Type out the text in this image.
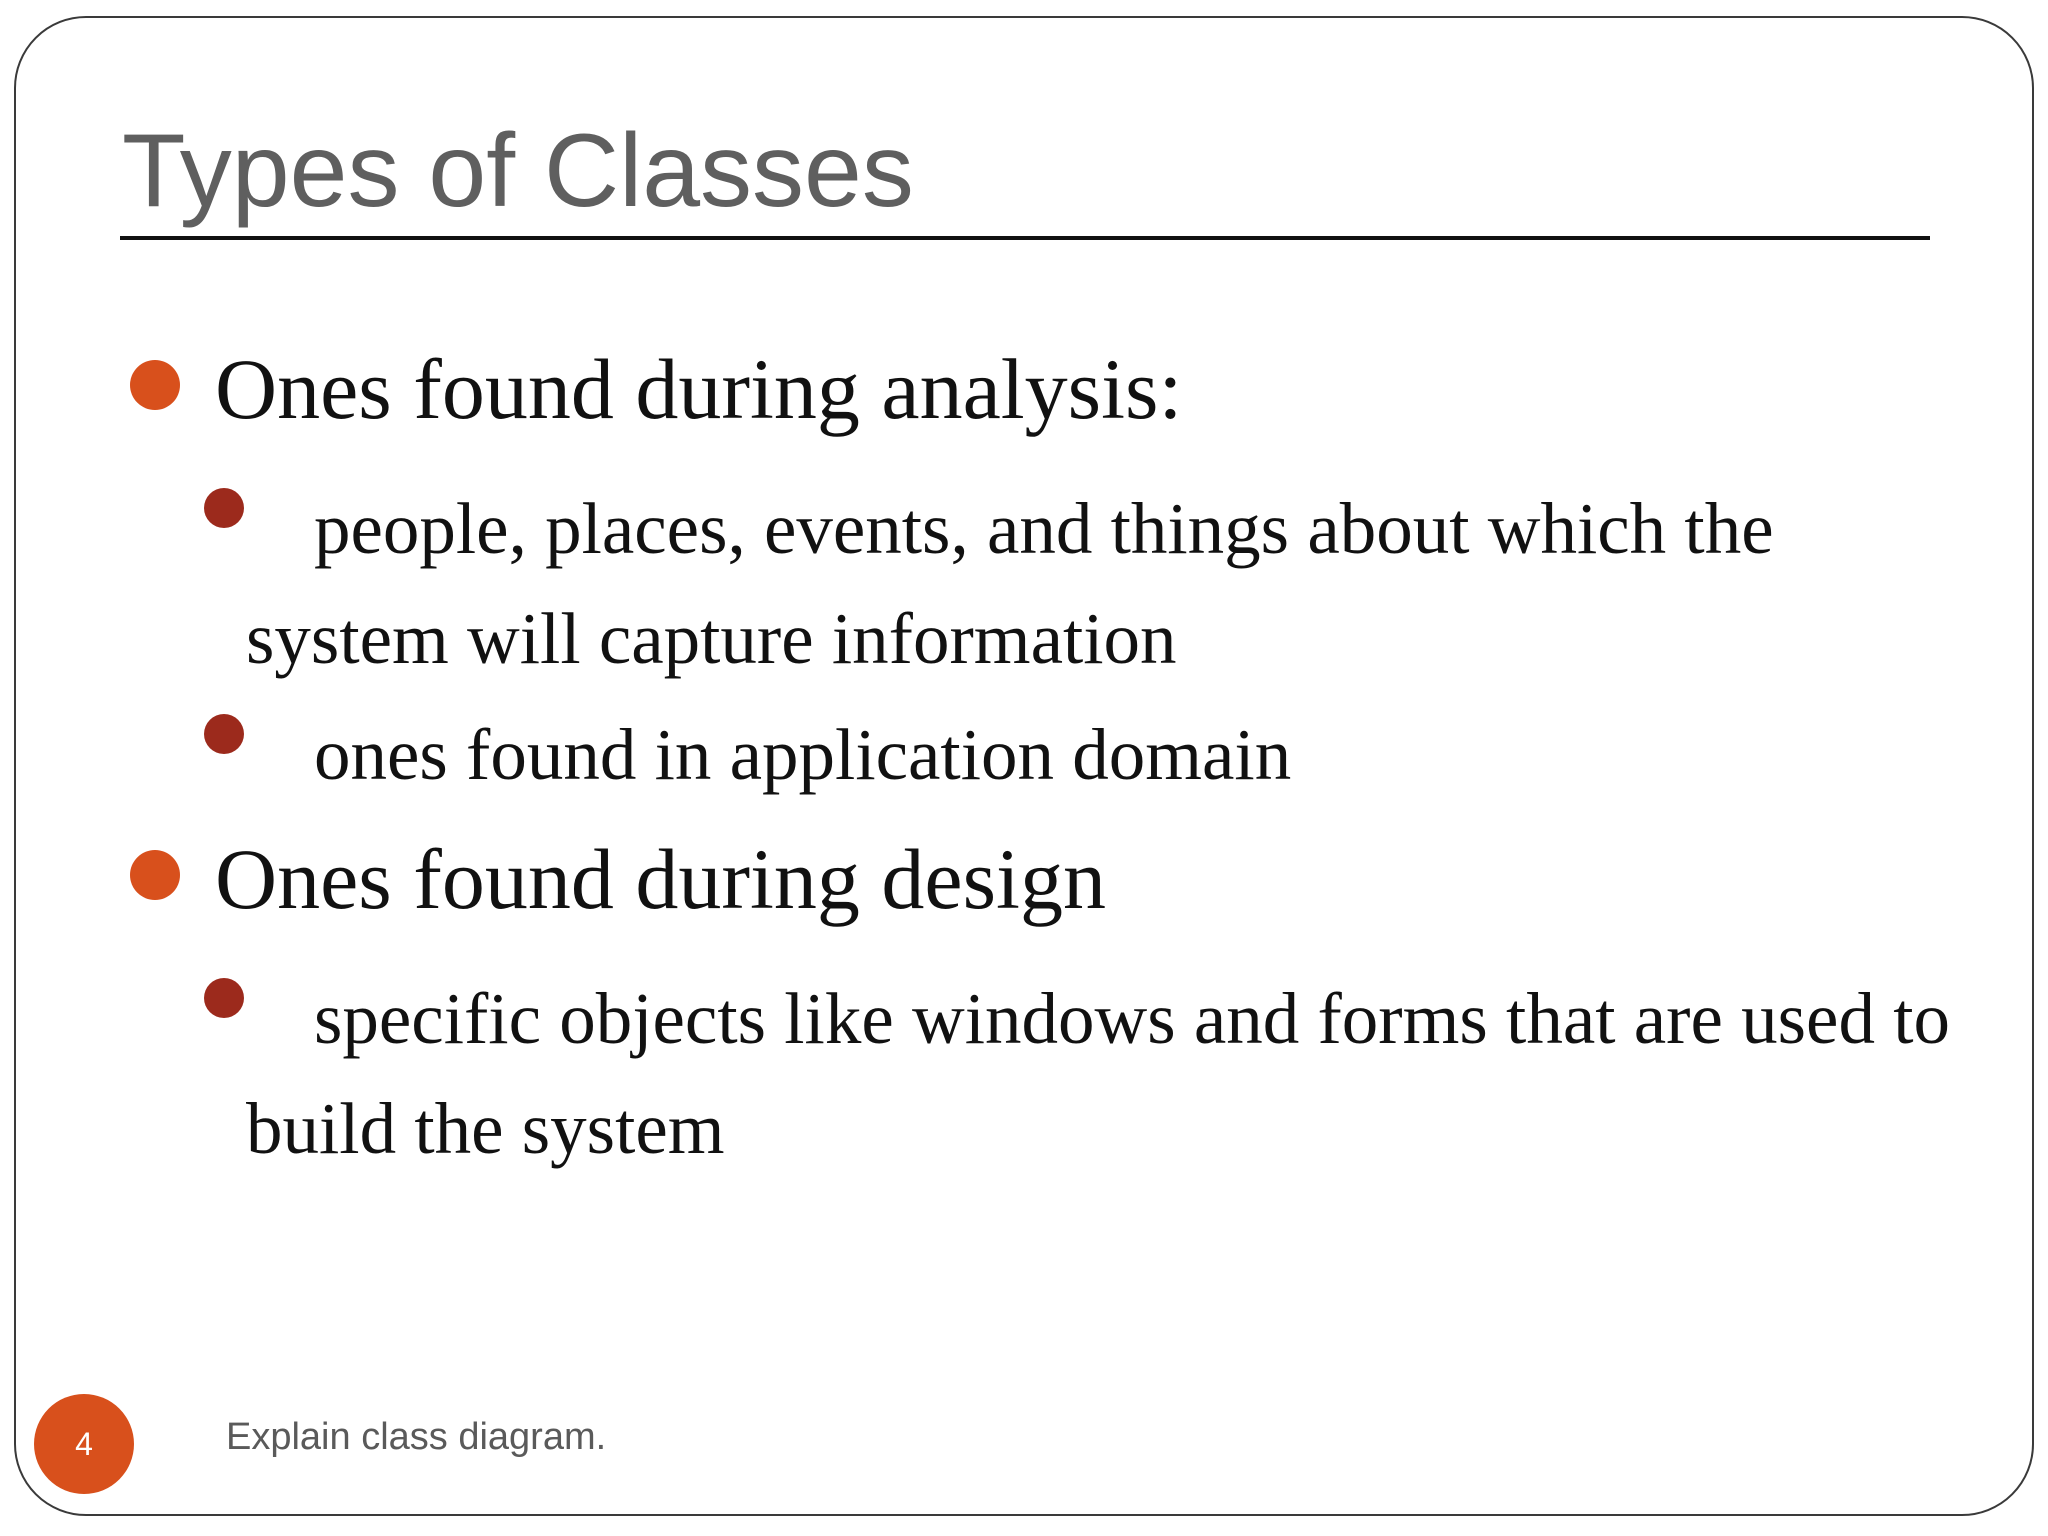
Types of Classes
Ones found during analysis:
people, places, events, and things about which the system will capture information
ones found in application domain
Ones found during design
specific objects like windows and forms that are used to build the system
4	Explain class diagram.
